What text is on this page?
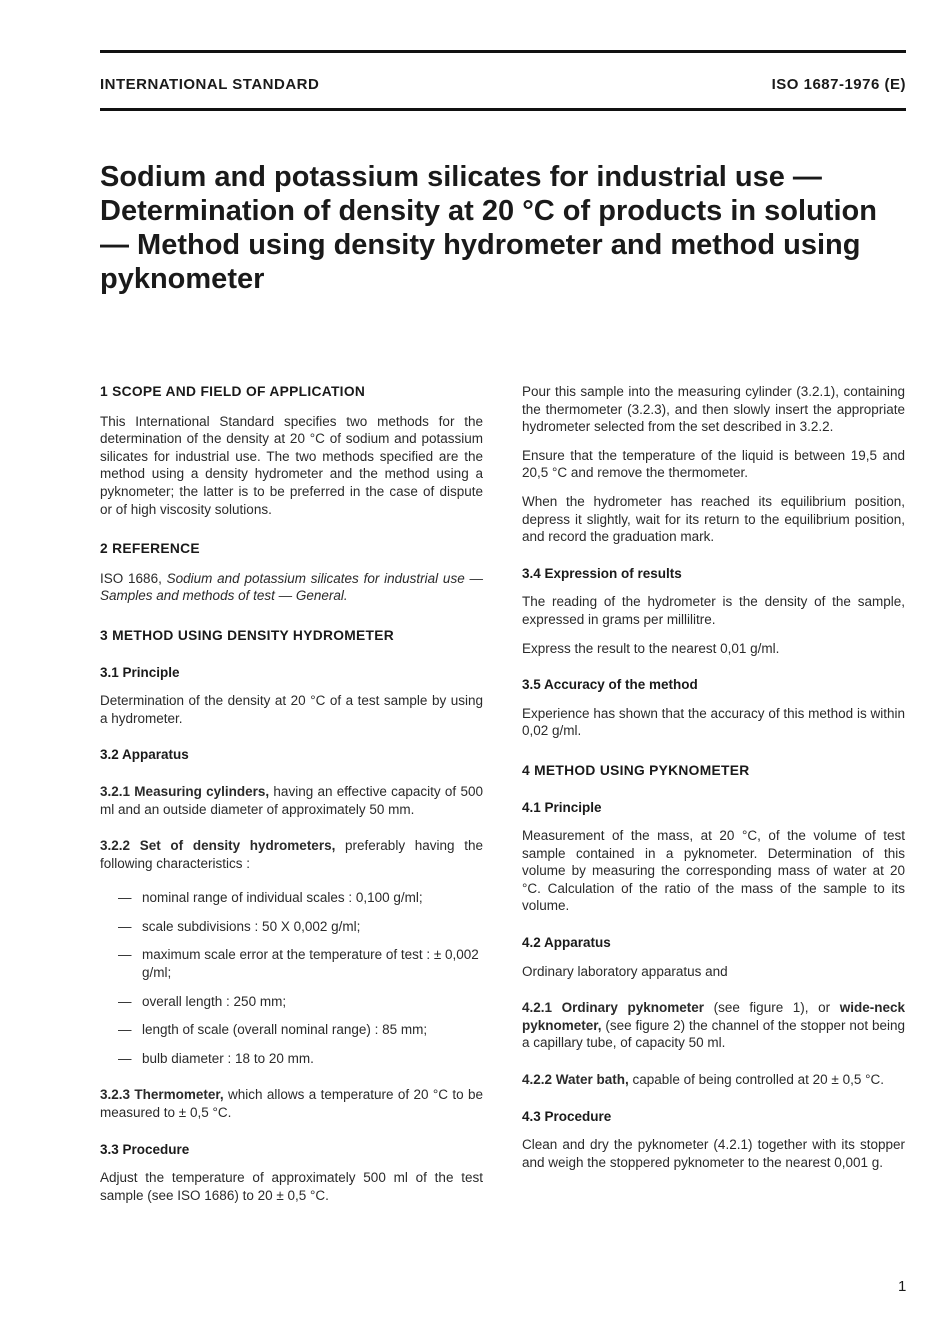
INTERNATIONAL STANDARD	ISO 1687-1976 (E)
Sodium and potassium silicates for industrial use — Determination of density at 20 °C of products in solution — Method using density hydrometer and method using pyknometer
1 SCOPE AND FIELD OF APPLICATION

This International Standard specifies two methods for the determination of the density at 20 °C of sodium and potassium silicates for industrial use. The two methods specified are the method using a density hydrometer and the method using a pyknometer; the latter is to be preferred in the case of dispute or of high viscosity solutions.

2 REFERENCE

ISO 1686, Sodium and potassium silicates for industrial use — Samples and methods of test — General.

3 METHOD USING DENSITY HYDROMETER
3.1 Principle

Determination of the density at 20 °C of a test sample by using a hydrometer.

3.2 Apparatus

3.2.1 Measuring cylinders, having an effective capacity of 500 ml and an outside diameter of approximately 50 mm.

3.2.2 Set of density hydrometers, preferably having the following characteristics :

— nominal range of individual scales : 0,100 g/ml;
— scale subdivisions : 50 X 0,002 g/ml;
— maximum scale error at the temperature of test : ± 0,002 g/ml;
— overall length : 250 mm;
— length of scale (overall nominal range) : 85 mm;
— bulb diameter : 18 to 20 mm.

3.2.3 Thermometer, which allows a temperature of 20 °C to be measured to ± 0,5 °C.

3.3 Procedure

Adjust the temperature of approximately 500 ml of the test sample (see ISO 1686) to 20 ± 0,5 °C.

Pour this sample into the measuring cylinder (3.2.1), containing the thermometer (3.2.3), and then slowly insert the appropriate hydrometer selected from the set described in 3.2.2.

Ensure that the temperature of the liquid is between 19,5 and 20,5 °C and remove the thermometer.

When the hydrometer has reached its equilibrium position, depress it slightly, wait for its return to the equilibrium position, and record the graduation mark.

3.4 Expression of results

The reading of the hydrometer is the density of the sample, expressed in grams per millilitre.

Express the result to the nearest 0,01 g/ml.

3.5 Accuracy of the method

Experience has shown that the accuracy of this method is within 0,02 g/ml.

4 METHOD USING PYKNOMETER
4.1 Principle

Measurement of the mass, at 20 °C, of the volume of test sample contained in a pyknometer. Determination of this volume by measuring the corresponding mass of water at 20 °C. Calculation of the ratio of the mass of the sample to its volume.

4.2 Apparatus

Ordinary laboratory apparatus and

4.2.1 Ordinary pyknometer (see figure 1), or wide-neck pyknometer, (see figure 2) the channel of the stopper not being a capillary tube, of capacity 50 ml.

4.2.2 Water bath, capable of being controlled at 20 ± 0,5 °C.

4.3 Procedure

Clean and dry the pyknometer (4.2.1) together with its stopper and weigh the stoppered pyknometer to the nearest 0,001 g.

1
